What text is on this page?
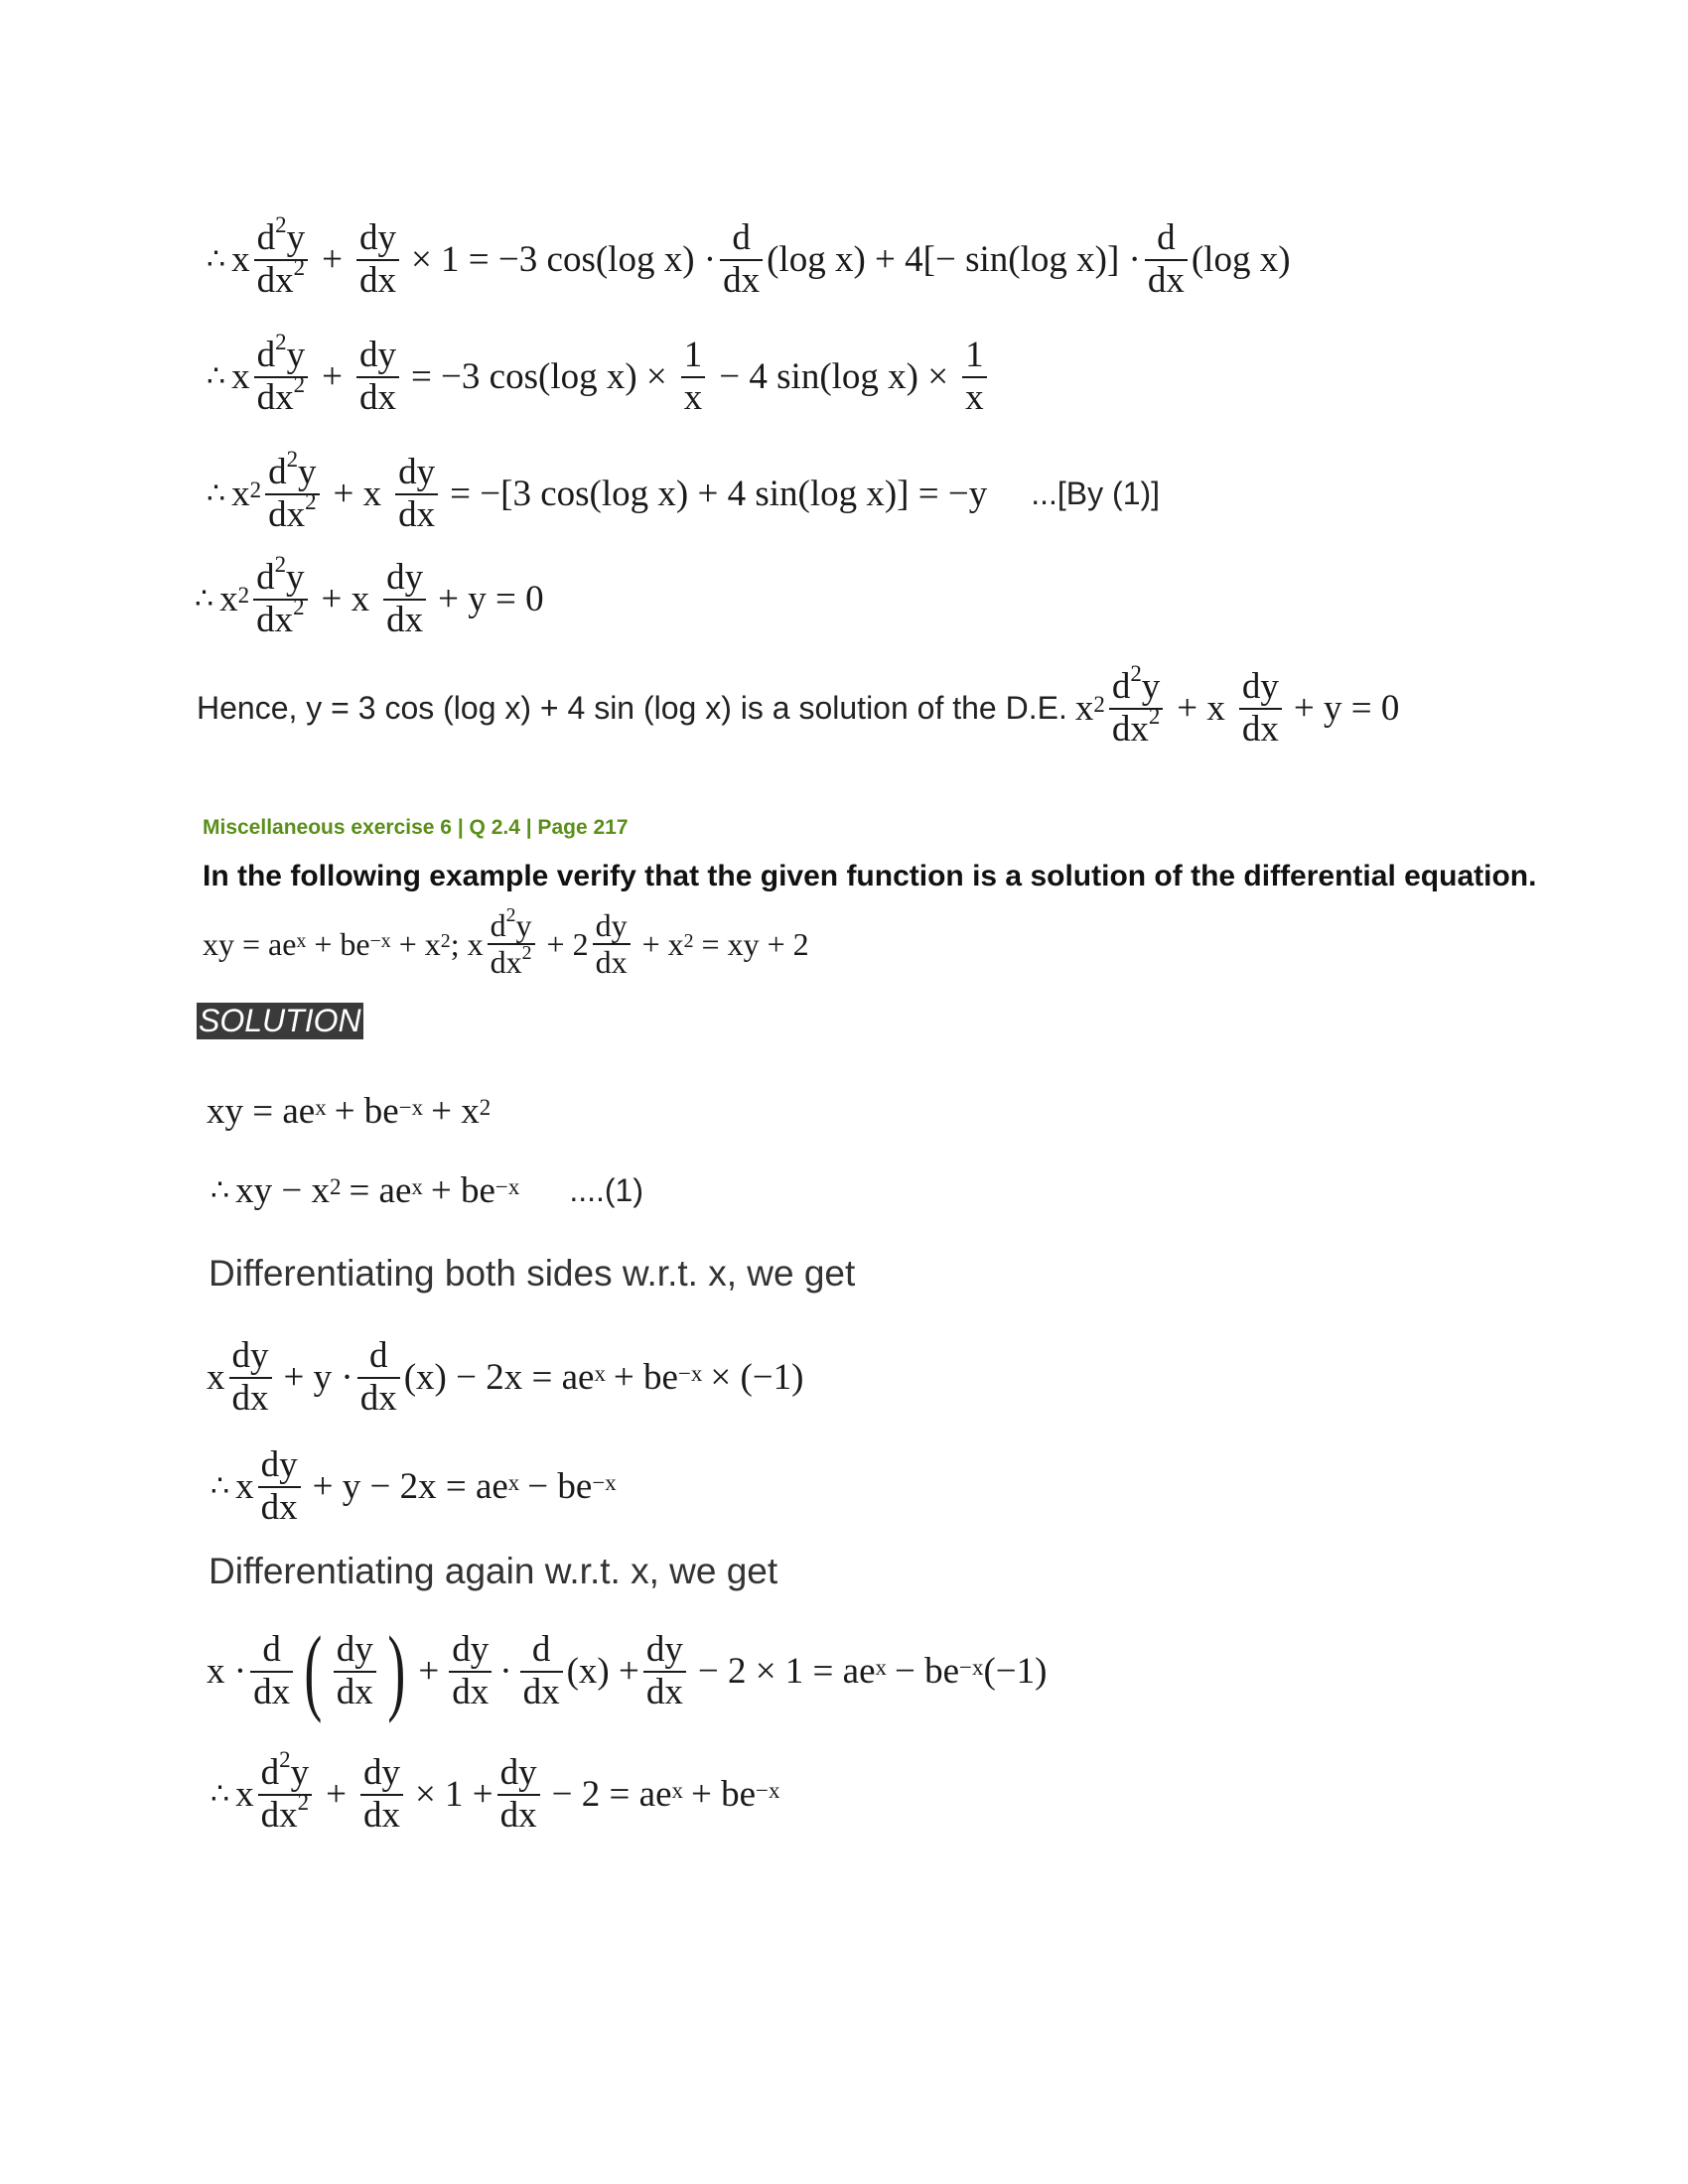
∴ x $\frac{d^2y}{dx^2} + \frac{dy}{dx} \times 1 = -3$ cos(log $x) \cdot \frac{d}{dx} (\log$ x) + 4[− sin(log $x)] \cdot \frac{d}{dx} (\log$ x)
∴ x $\frac{d^2y}{dx^2} + \frac{dy}{dx} = -3$ cos(log $x) \times \frac{1}{x} - 4$ sin(log $x) \times \frac{1}{x}$
∴ $x^2 \frac{d^2y}{dx^2} + x \frac{dy}{dx} = -[3$ cos(log x) + 4 sin(log x)] = −y ...[By (1)]
∴ $x^2 \frac{d^2y}{dx^2} + x \frac{dy}{dx} + y = 0$
Hence, y = 3 cos (log x) + 4 sin (log x) is a solution of the D.E. $x^2 \frac{d^2y}{dx^2} + x \frac{dy}{dx} + y = 0$
Miscellaneous exercise 6 | Q 2.4 | Page 217
In the following example verify that the given function is a solution of the differential equation.
xy = $ae^x + be^{-x} + x^2$ ; x $\frac{d^2y}{dx^2} + 2 \frac{dy}{dx} + x^2$ = xy + 2
SOLUTION
xy = $ae^x + be^{-x} + x^2$
∴ xy − $x^2 = ae^x + be^{-x}$ ....(1)
Differentiating both sides w.r.t. x, we get
x $\frac{dy}{dx} + y \cdot \frac{d}{dx} (x) - 2x = ae^x + be^{-x} \times (-1)$
∴ x $\frac{dy}{dx} + y - 2x = ae^x - be^{-x}$
Differentiating again w.r.t. x, we get
$x \cdot \frac{d}{dx}$ ( $\frac{dy}{dx}$ ) + $\frac{dy}{dx} \cdot \frac{d}{dx} (x) + \frac{dy}{dx} - 2 \times 1 = ae^x - be^{-x}$ (−1)
∴ x $\frac{d^2y}{dx^2} + \frac{dy}{dx} \times 1 + \frac{dy}{dx} - 2 = ae^x + be^{-x}$
